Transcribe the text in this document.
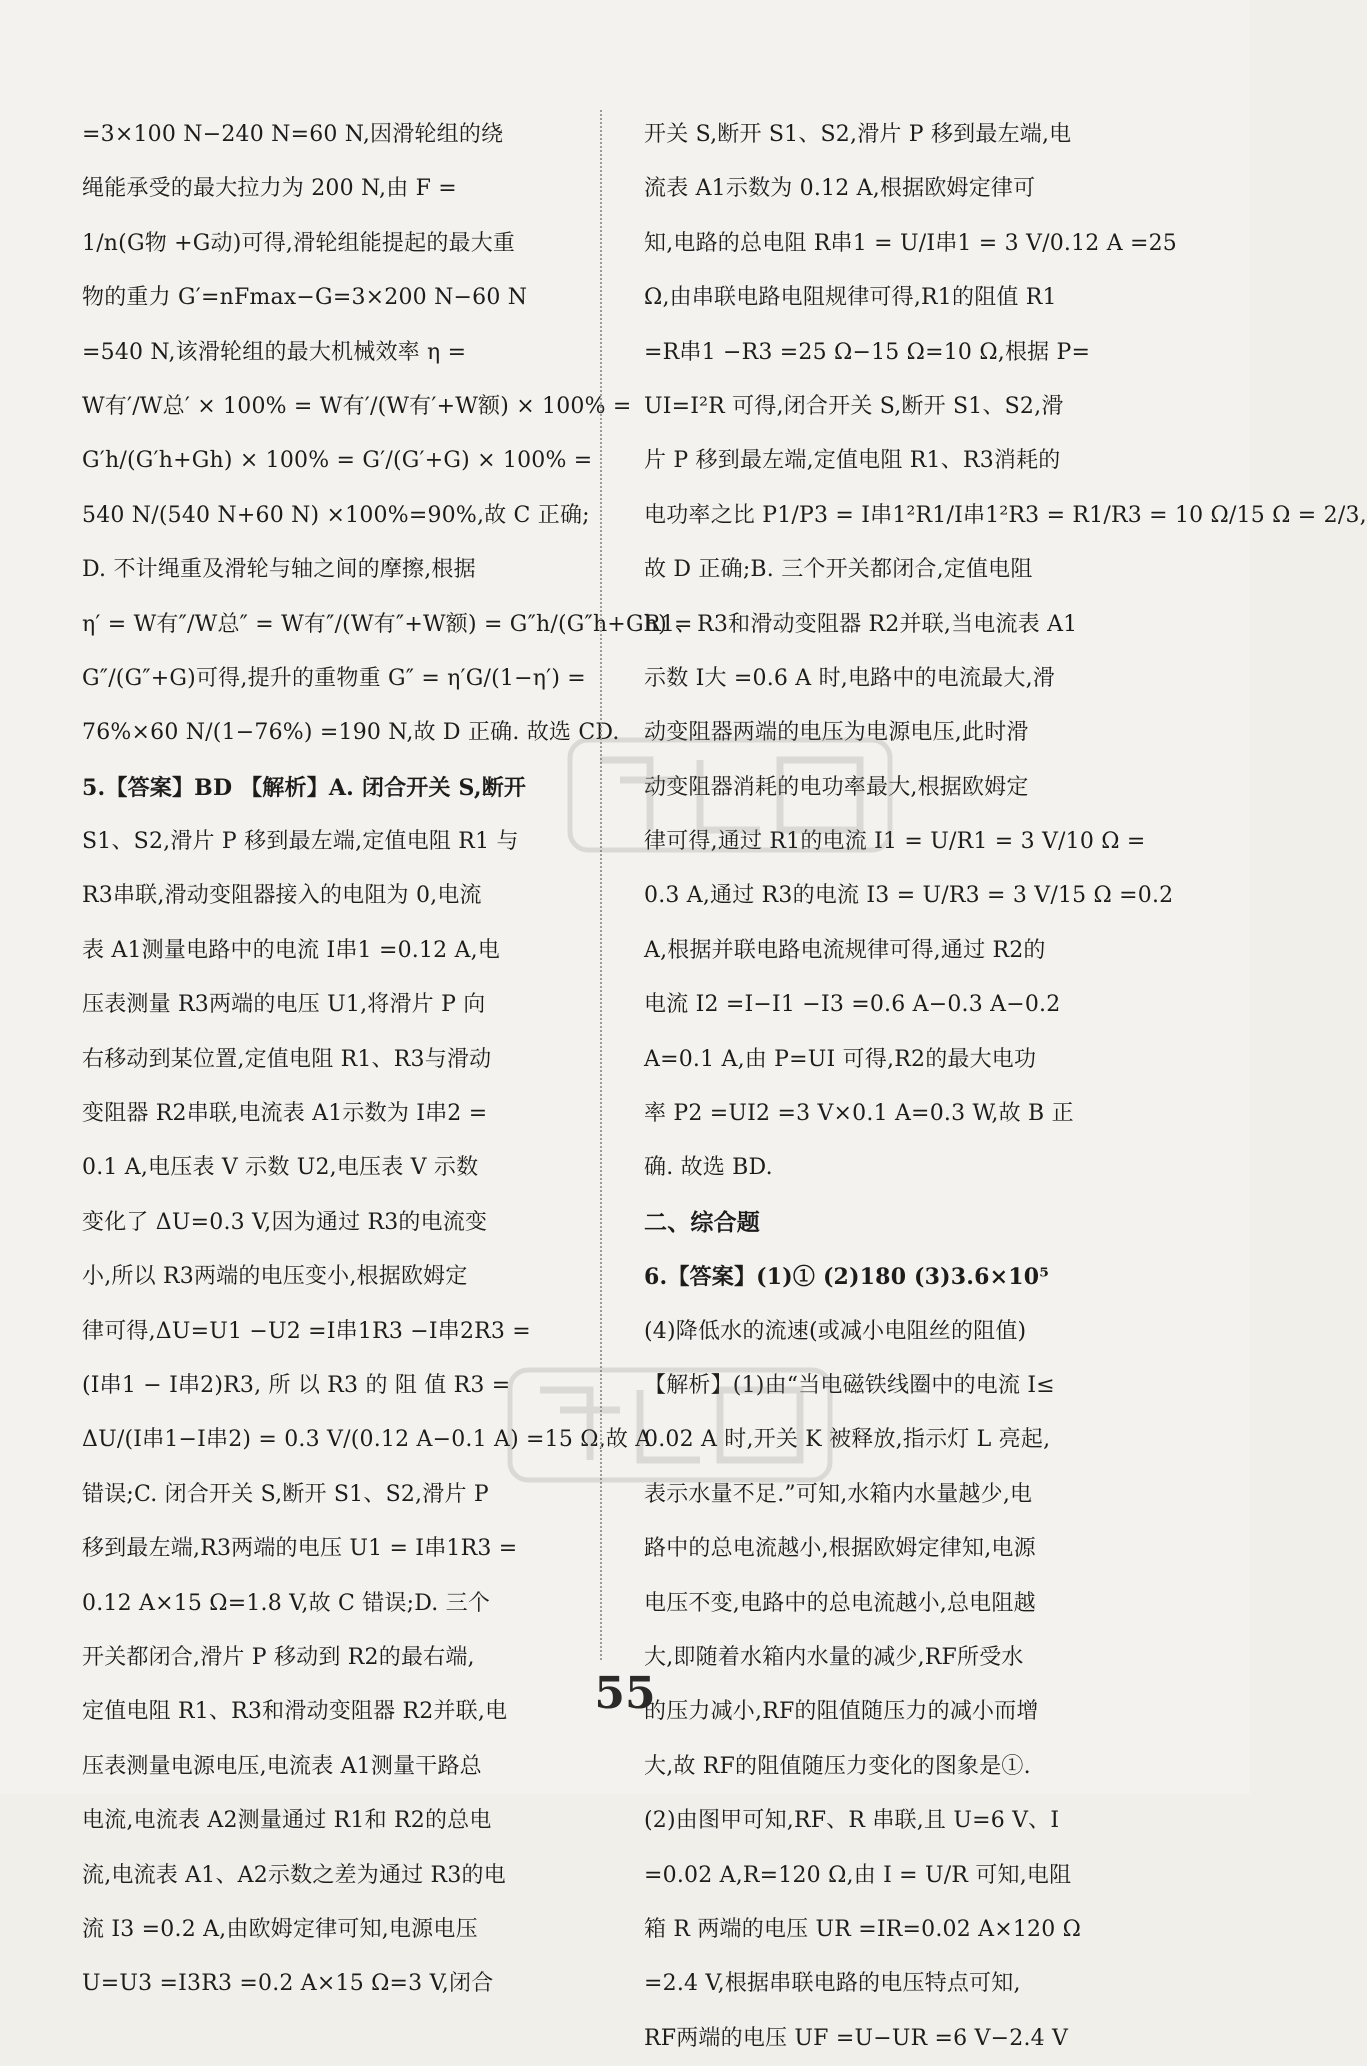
=3×100 N−240 N=60 N,因滑轮组的绕
绳能承受的最大拉力为 200 N,由 F =
1/n(G物 +G动)可得,滑轮组能提起的最大重
物的重力 G′=nFmax−G=3×200 N−60 N
=540 N,该滑轮组的最大机械效率 η =
W有′/W总′ × 100% = W有′/(W有′+W额) × 100% =
G′h/(G′h+Gh) × 100% = G′/(G′+G) × 100% =
540 N/(540 N+60 N) ×100%=90%,故 C 正确;
D. 不计绳重及滑轮与轴之间的摩擦,根据
η′ = W有″/W总″ = W有″/(W有″+W额) = G″h/(G″h+Gh) =
G″/(G″+G)可得,提升的重物重 G″ = η′G/(1−η′) =
76%×60 N/(1−76%) =190 N,故 D 正确. 故选 CD.
5.【答案】BD 【解析】A. 闭合开关 S,断开
S1、S2,滑片 P 移到最左端,定值电阻 R1 与
R3串联,滑动变阻器接入的电阻为 0,电流
表 A1测量电路中的电流 I串1 =0.12 A,电
压表测量 R3两端的电压 U1,将滑片 P 向
右移动到某位置,定值电阻 R1、R3与滑动
变阻器 R2串联,电流表 A1示数为 I串2 =
0.1 A,电压表 V 示数 U2,电压表 V 示数
变化了 ΔU=0.3 V,因为通过 R3的电流变
小,所以 R3两端的电压变小,根据欧姆定
律可得,ΔU=U1 −U2 =I串1R3 −I串2R3 =
(I串1 − I串2)R3, 所 以 R3 的 阻 值 R3 =
ΔU/(I串1−I串2) = 0.3 V/(0.12 A−0.1 A) =15 Ω,故 A
错误;C. 闭合开关 S,断开 S1、S2,滑片 P
移到最左端,R3两端的电压 U1 = I串1R3 =
0.12 A×15 Ω=1.8 V,故 C 错误;D. 三个
开关都闭合,滑片 P 移动到 R2的最右端,
定值电阻 R1、R3和滑动变阻器 R2并联,电
压表测量电源电压,电流表 A1测量干路总
电流,电流表 A2测量通过 R1和 R2的总电
流,电流表 A1、A2示数之差为通过 R3的电
流 I3 =0.2 A,由欧姆定律可知,电源电压
U=U3 =I3R3 =0.2 A×15 Ω=3 V,闭合
开关 S,断开 S1、S2,滑片 P 移到最左端,电
流表 A1示数为 0.12 A,根据欧姆定律可
知,电路的总电阻 R串1 = U/I串1 = 3 V/0.12 A =25
Ω,由串联电路电阻规律可得,R1的阻值 R1
=R串1 −R3 =25 Ω−15 Ω=10 Ω,根据 P=
UI=I²R 可得,闭合开关 S,断开 S1、S2,滑
片 P 移到最左端,定值电阻 R1、R3消耗的
电功率之比 P1/P3 = I串1²R1/I串1²R3 = R1/R3 = 10 Ω/15 Ω = 2/3,
故 D 正确;B. 三个开关都闭合,定值电阻
R1、R3和滑动变阻器 R2并联,当电流表 A1
示数 I大 =0.6 A 时,电路中的电流最大,滑
动变阻器两端的电压为电源电压,此时滑
动变阻器消耗的电功率最大,根据欧姆定
律可得,通过 R1的电流 I1 = U/R1 = 3 V/10 Ω =
0.3 A,通过 R3的电流 I3 = U/R3 = 3 V/15 Ω =0.2
A,根据并联电路电流规律可得,通过 R2的
电流 I2 =I−I1 −I3 =0.6 A−0.3 A−0.2
A=0.1 A,由 P=UI 可得,R2的最大电功
率 P2 =UI2 =3 V×0.1 A=0.3 W,故 B 正
确. 故选 BD.
二、综合题
6.【答案】(1)① (2)180 (3)3.6×10⁵
(4)降低水的流速(或减小电阻丝的阻值)
【解析】(1)由“当电磁铁线圈中的电流 I≤
0.02 A 时,开关 K 被释放,指示灯 L 亮起,
表示水量不足.”可知,水箱内水量越少,电
路中的总电流越小,根据欧姆定律知,电源
电压不变,电路中的总电流越小,总电阻越
大,即随着水箱内水量的减少,RF所受水
的压力减小,RF的阻值随压力的减小而增
大,故 RF的阻值随压力变化的图象是①.
(2)由图甲可知,RF、R 串联,且 U=6 V、I
=0.02 A,R=120 Ω,由 I = U/R 可知,电阻
箱 R 两端的电压 UR =IR=0.02 A×120 Ω
=2.4 V,根据串联电路的电压特点可知,
RF两端的电压 UF =U−UR =6 V−2.4 V
55
